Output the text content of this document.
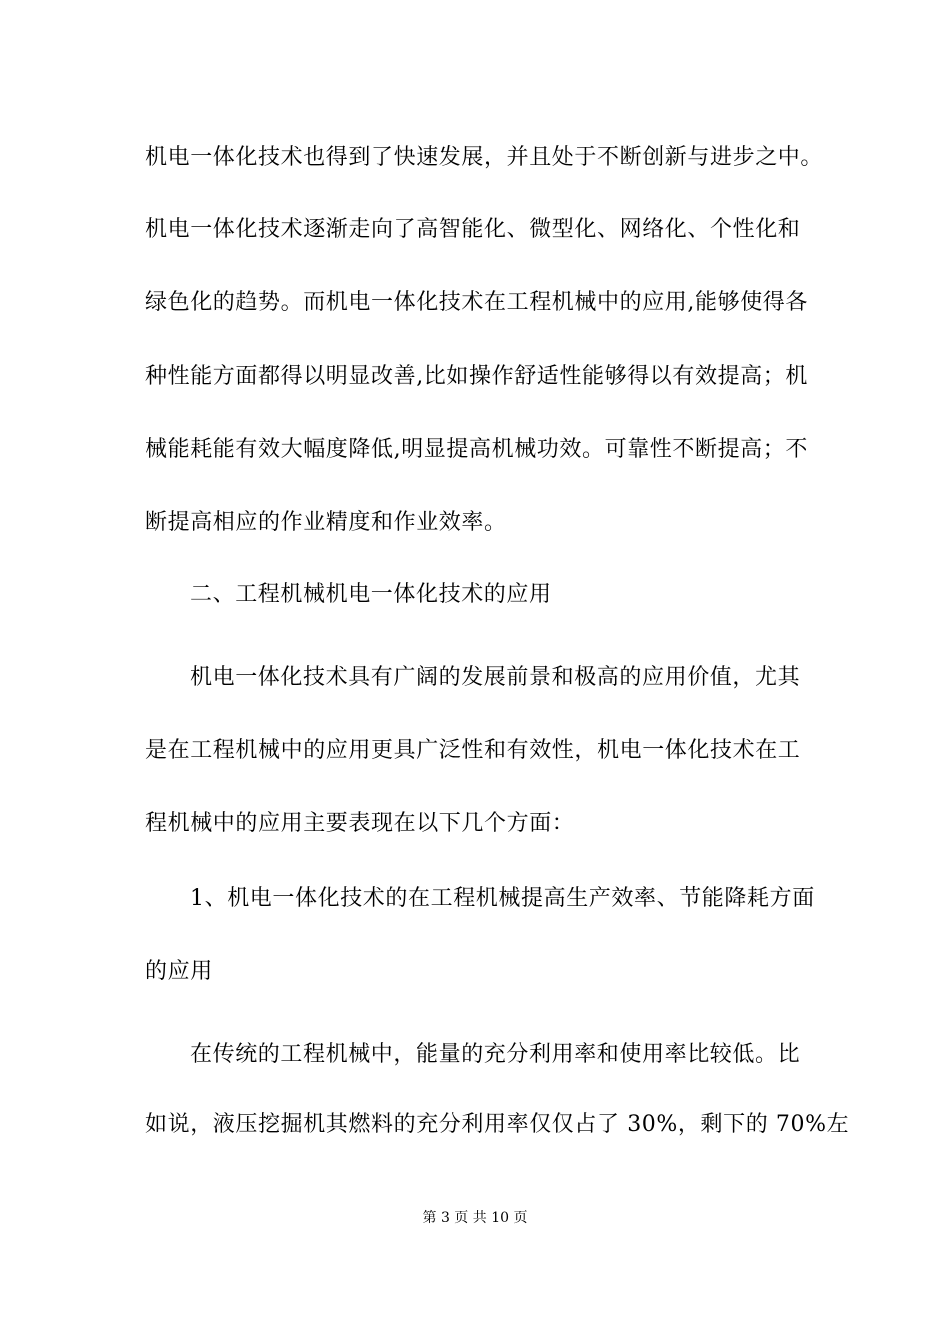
机电一体化技术也得到了快速发展，并且处于不断创新与进步之中。
机电一体化技术逐渐走向了高智能化、微型化、网络化、个性化和
绿色化的趋势。而机电一体化技术在工程机械中的应用,能够使得各
种性能方面都得以明显改善,比如操作舒适性能够得以有效提高；机
械能耗能有效大幅度降低,明显提高机械功效。可靠性不断提高；不
断提高相应的作业精度和作业效率。
二、工程机械机电一体化技术的应用
机电一体化技术具有广阔的发展前景和极高的应用价值，尤其
是在工程机械中的应用更具广泛性和有效性，机电一体化技术在工
程机械中的应用主要表现在以下几个方面：
1、机电一体化技术的在工程机械提高生产效率、节能降耗方面
的应用
在传统的工程机械中，能量的充分利用率和使用率比较低。比
如说，液压挖掘机其燃料的充分利用率仅仅占了 30%，剩下的 70%左
第 3 页 共 10 页
